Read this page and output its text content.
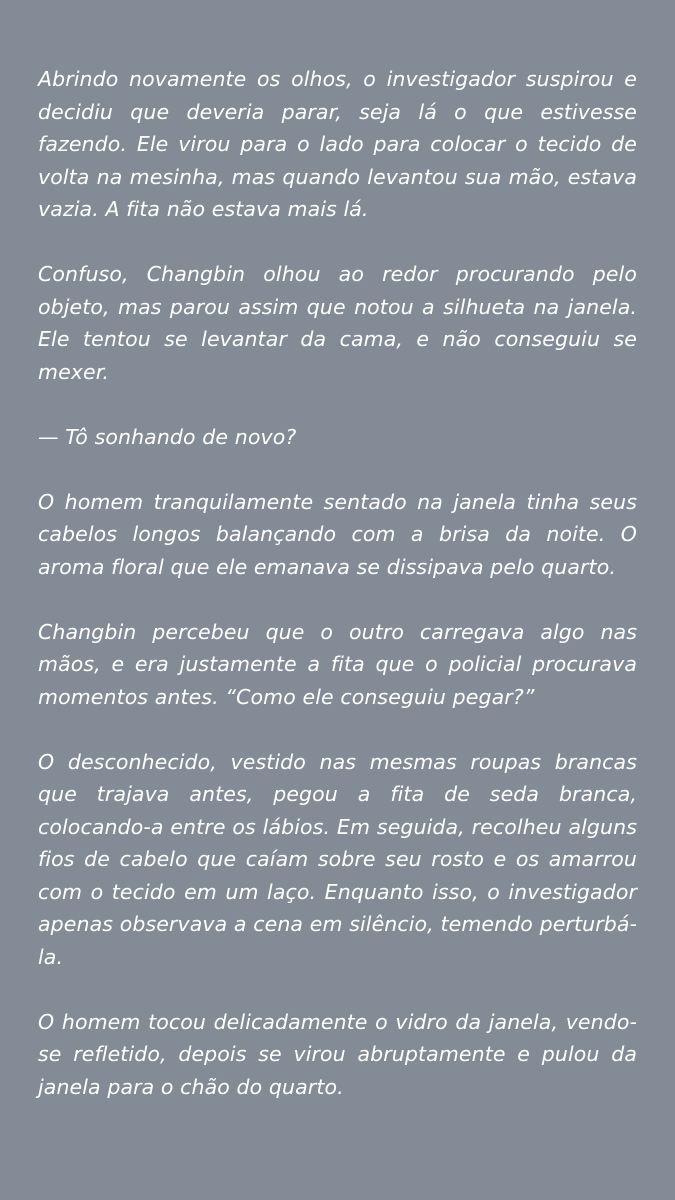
Abrindo novamente os olhos, o investigador suspirou e decidiu que deveria parar, seja lá o que estivesse fazendo. Ele virou para o lado para colocar o tecido de volta na mesinha, mas quando levantou sua mão, estava vazia. A fita não estava mais lá.

Confuso, Changbin olhou ao redor procurando pelo objeto, mas parou assim que notou a silhueta na janela. Ele tentou se levantar da cama, e não conseguiu se mexer.

— Tô sonhando de novo?

O homem tranquilamente sentado na janela tinha seus cabelos longos balançando com a brisa da noite. O aroma floral que ele emanava se dissipava pelo quarto.

Changbin percebeu que o outro carregava algo nas mãos, e era justamente a fita que o policial procurava momentos antes. “Como ele conseguiu pegar?”

O desconhecido, vestido nas mesmas roupas brancas que trajava antes, pegou a fita de seda branca, colocando-a entre os lábios. Em seguida, recolheu alguns fios de cabelo que caíam sobre seu rosto e os amarrou com o tecido em um laço. Enquanto isso, o investigador apenas observava a cena em silêncio, temendo perturbá-la.

O homem tocou delicadamente o vidro da janela, vendo-se refletido, depois se virou abruptamente e pulou da janela para o chão do quarto.
